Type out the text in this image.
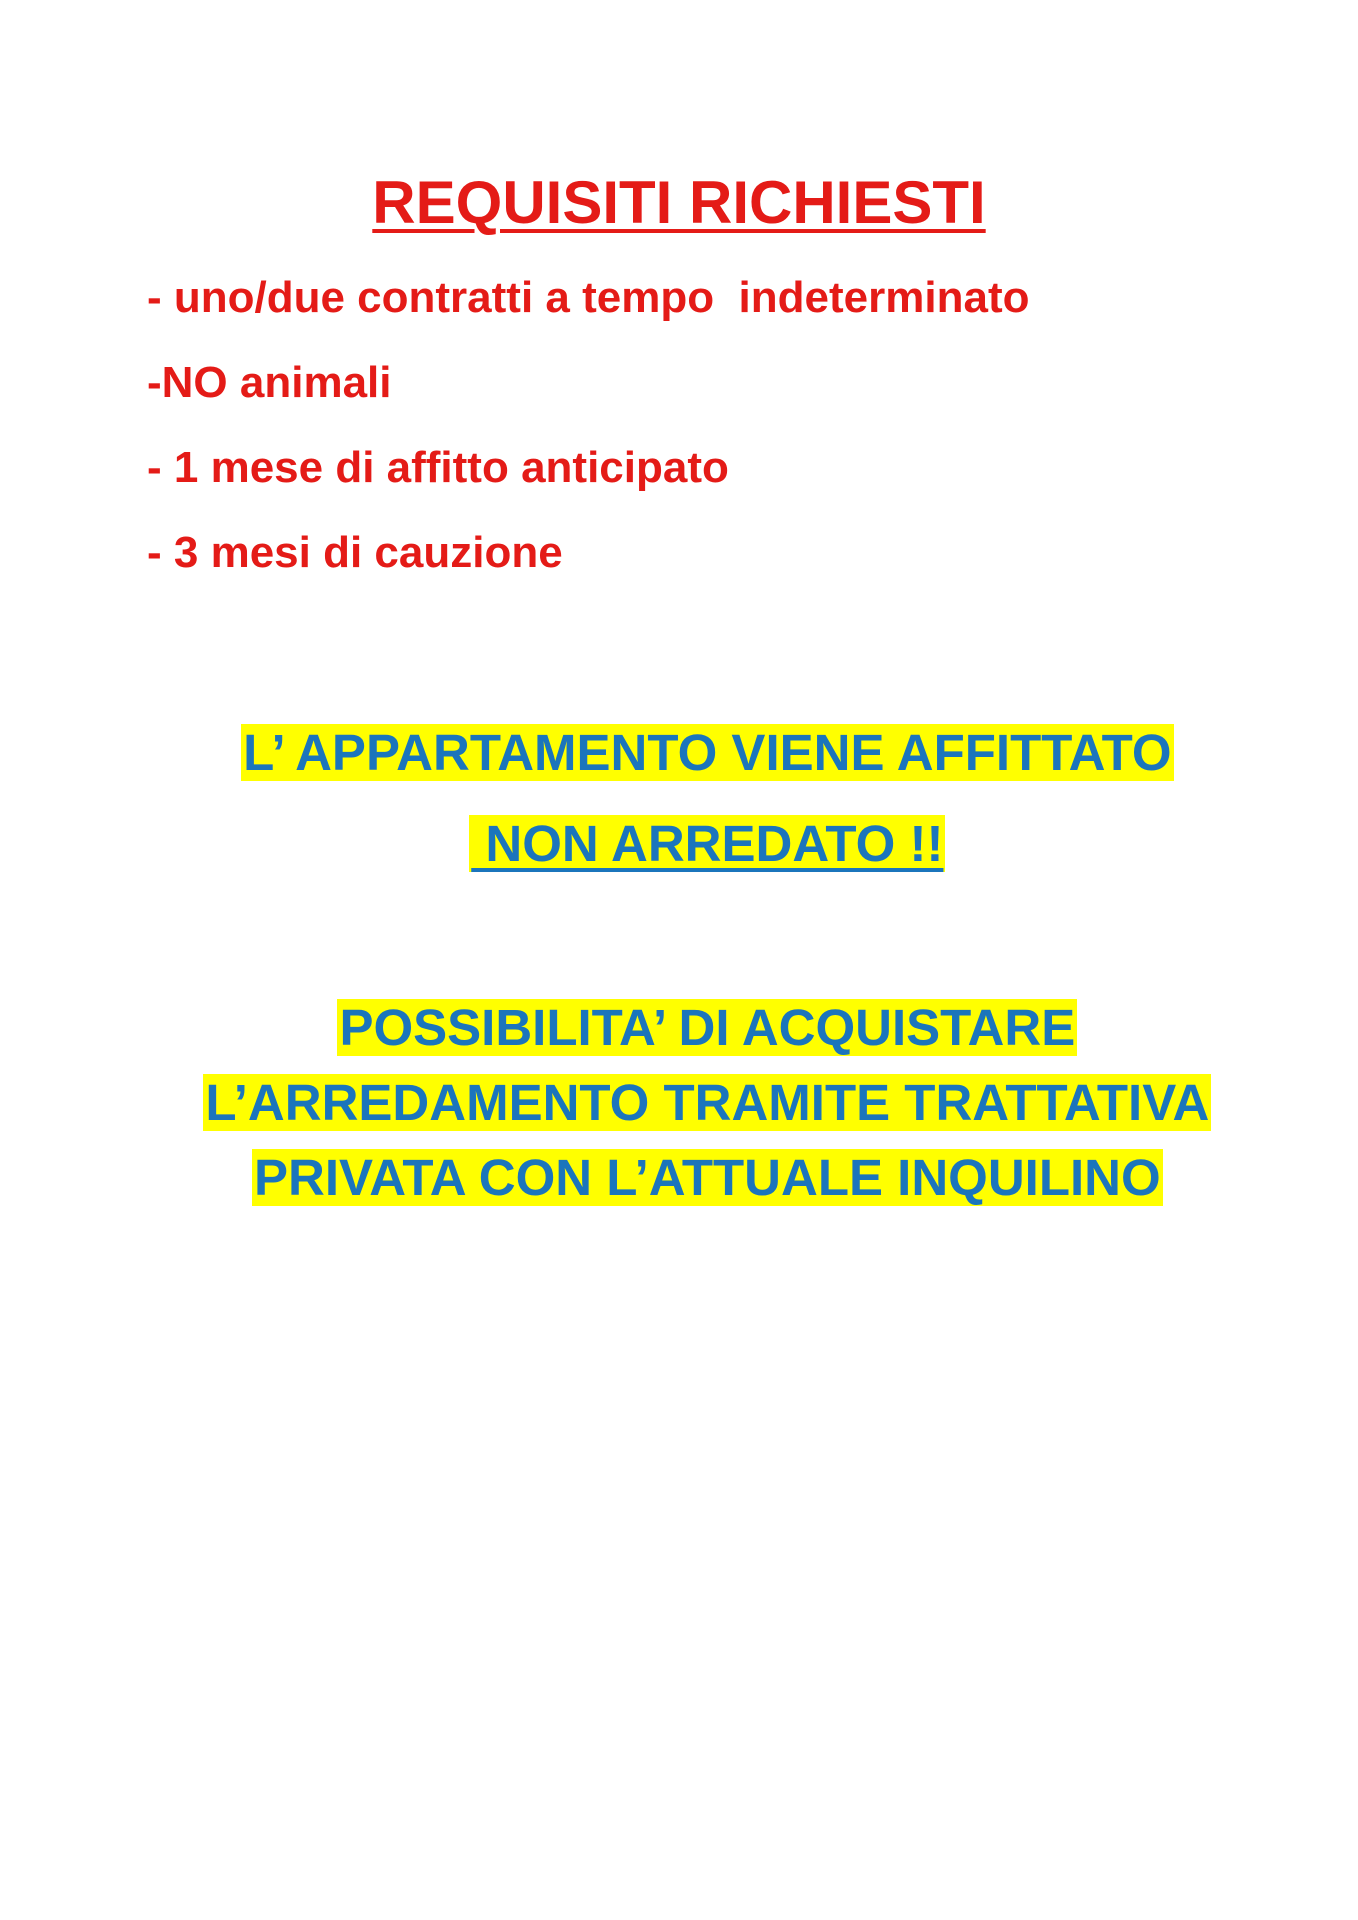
REQUISITI RICHIESTI

- uno/due contratti a tempo  indeterminato

-NO animali

- 1 mese di affitto anticipato

- 3 mesi di cauzione

L’ APPARTAMENTO VIENE AFFITTATO

NON ARREDATO !!

POSSIBILITA’ DI ACQUISTARE

L’ARREDAMENTO TRAMITE TRATTATIVA

PRIVATA CON L’ATTUALE INQUILINO
